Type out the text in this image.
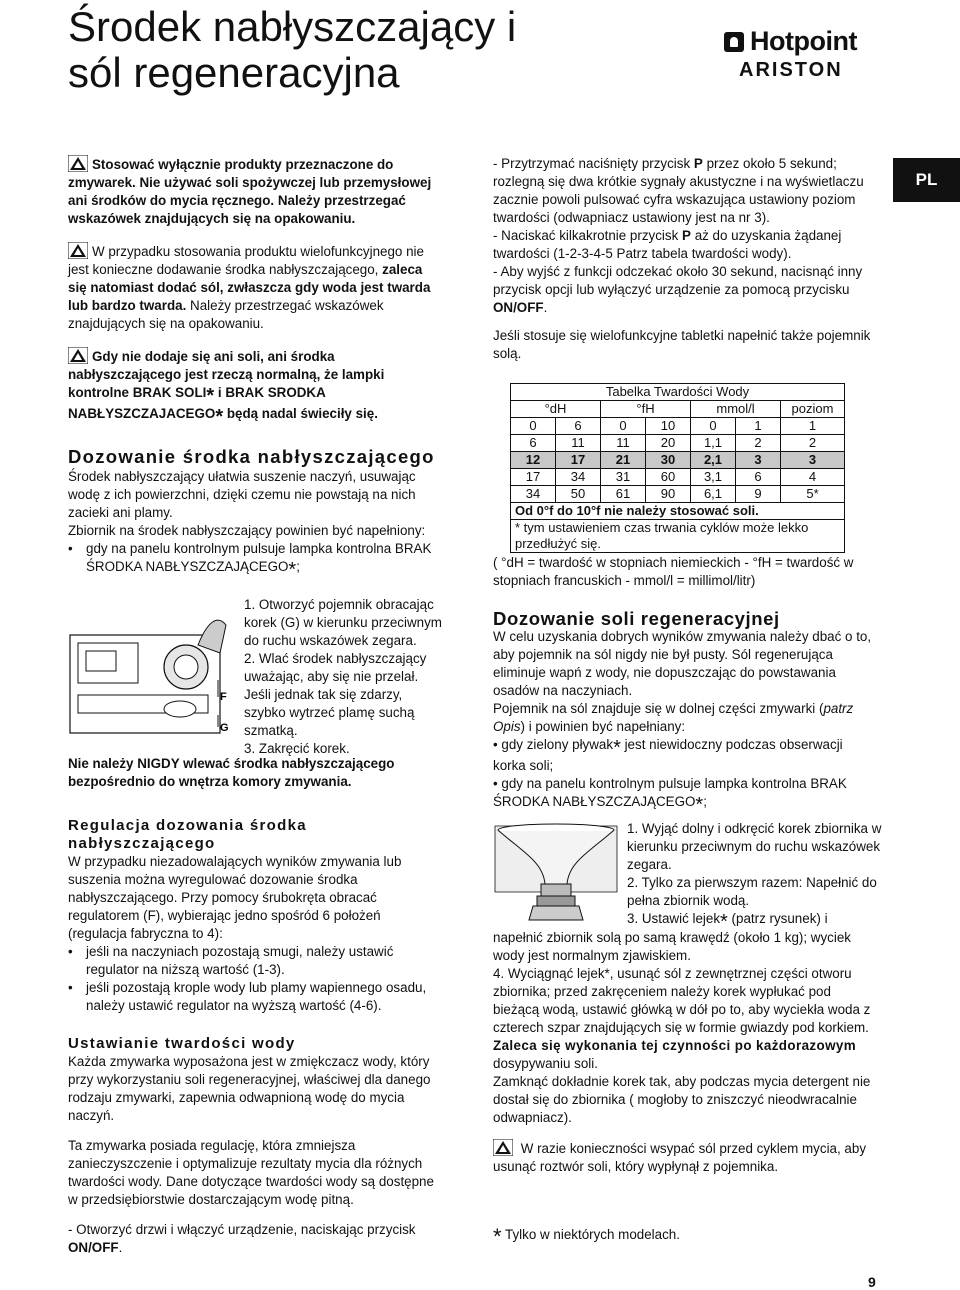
Środek nabłyszczający i
sól regeneracyjna
Hotpoint
ARISTON
PL

Stosować wyłącznie produkty przeznaczone do zmywarek. Nie używać soli spożywczej lub przemysłowej ani środków do mycia ręcznego. Należy przestrzegać wskazówek znajdujących się na opakowaniu.

W przypadku stosowania produktu wielofunkcyjnego nie jest konieczne dodawanie środka nabłyszczającego, zaleca się natomiast dodać sól, zwłaszcza gdy woda jest twarda lub bardzo twarda. Należy przestrzegać wskazówek znajdujących się na opakowaniu.

Gdy nie dodaje się ani soli, ani środka nabłyszczającego jest rzeczą normalną, że lampki kontrolne BRAK SOLI* i BRAK SRODKA NABŁYSZCZAJACEGO* będą nadal świeciły się.

Dozowanie środka nabłyszczającego

Środek nabłyszczający ułatwia suszenie naczyń, usuwając wodę z ich powierzchni, dzięki czemu nie powstają na nich zacieki ani plamy.

Zbiornik na środek nabłyszczający powinien być napełniony:

• gdy na panelu kontrolnym pulsuje lampka kontrolna BRAK ŚRODKA NABŁYSZCZAJĄCEGO*;

F
G

1. Otworzyć pojemnik obracając korek (G) w kierunku przeciwnym do ruchu wskazówek zegara.

2. Wlać środek nabłyszczający uważając, aby się nie przelał. Jeśli jednak tak się zdarzy, szybko wytrzeć plamę suchą szmatką.

3. Zakręcić korek.

Nie należy NIGDY wlewać środka nabłyszczającego bezpośrednio do wnętrza komory zmywania.

Regulacja dozowania środka
nabłyszczającego

W przypadku niezadowalających wyników zmywania lub suszenia można wyregulować dozowanie środka nabłyszczającego. Przy pomocy śrubokręta obracać regulatorem (F), wybierając jedno spośród 6 położeń (regulacja fabryczna to 4):

• jeśli na naczyniach pozostają smugi, należy ustawić regulator na niższą wartość (1-3).

• jeśli pozostają krople wody lub plamy wapiennego osadu, należy ustawić regulator na wyższą wartość (4-6).

Ustawianie twardości wody

Każda zmywarka wyposażona jest w zmiękczacz wody, który przy wykorzystaniu soli regeneracyjnej, właściwej dla danego rodzaju zmywarki, zapewnia odwapnioną wodę do mycia naczyń.

Ta zmywarka posiada regulację, która zmniejsza zanieczyszczenie i optymalizuje rezultaty mycia dla różnych twardości wody. Dane dotyczące twardości wody są dostępne w przedsiębiorstwie dostarczającym wodę pitną.

- Otworzyć drzwi i włączyć urządzenie, naciskając przycisk ON/OFF.

- Przytrzymać naciśnięty przycisk P przez około 5 sekund; rozlegną się dwa krótkie sygnały akustyczne i na wyświetlaczu zacznie powoli pulsować cyfra wskazująca ustawiony poziom twardości (odwapniacz ustawiony jest na nr 3).

- Naciskać kilkakrotnie przycisk P aż do uzyskania żądanej twardości (1-2-3-4-5 Patrz tabela twardości wody).

- Aby wyjść z funkcji odczekać około 30 sekund, nacisnąć inny przycisk opcji lub wyłączyć urządzenie za pomocą przycisku ON/OFF.

Jeśli stosuje się wielofunkcyjne tabletki napełnić także pojemnik solą.

Tabelka Twardości Wody						
°dH		°fH		mmol/l		poziom
0	6	0	10	0	1	1
6	11	11	20	1,1	2	2
12	17	21	30	2,1	3	3
17	34	31	60	3,1	6	4
34	50	61	90	6,1	9	5*
Od 0°f do 10°f nie należy stosować soli.						
* tym ustawieniem czas trwania cyklów może lekko przedłużyć się.						

( °dH = twardość w stopniach niemieckich - °fH = twardość w stopniach francuskich - mmol/l = millimol/litr)

Dozowanie soli regeneracyjnej

W celu uzyskania dobrych wyników zmywania należy dbać o to, aby pojemnik na sól nigdy nie był pusty. Sól regenerująca eliminuje wapń z wody, nie dopuszczając do powstawania osadów na naczyniach.

Pojemnik na sól znajduje się w dolnej części zmywarki (patrz Opis) i powinien być napełniany:

• gdy zielony pływak* jest niewidoczny podczas obserwacji korka soli;

• gdy na panelu kontrolnym pulsuje lampka kontrolna BRAK ŚRODKA NABŁYSZCZAJĄCEGO*;

1. Wyjąć dolny i odkręcić korek zbiornika w kierunku przeciwnym do ruchu wskazówek zegara.

2. Tylko za pierwszym razem: Napełnić do pełna zbiornik wodą.

3. Ustawić lejek* (patrz rysunek) i

napełnić zbiornik solą po samą krawędź (około 1 kg); wyciek wody jest normalnym zjawiskiem.

4. Wyciągnąć lejek*, usunąć sól z zewnętrznej części otworu zbiornika; przed zakręceniem należy korek wypłukać pod bieżącą wodą, ustawić główką w dół po to, aby wyciekła woda z czterech szpar znajdujących się w formie gwiazdy pod korkiem.

Zaleca się wykonania tej czynności po każdorazowym dosypywaniu soli.

Zamknąć dokładnie korek tak, aby podczas mycia detergent nie dostał się do zbiornika ( mogłoby to zniszczyć nieodwracalnie odwapniacz).

W razie konieczności wsypać sól przed cyklem mycia, aby usunąć roztwór soli, który wypłynął z pojemnika.

* Tylko w niektórych modelach.
9
